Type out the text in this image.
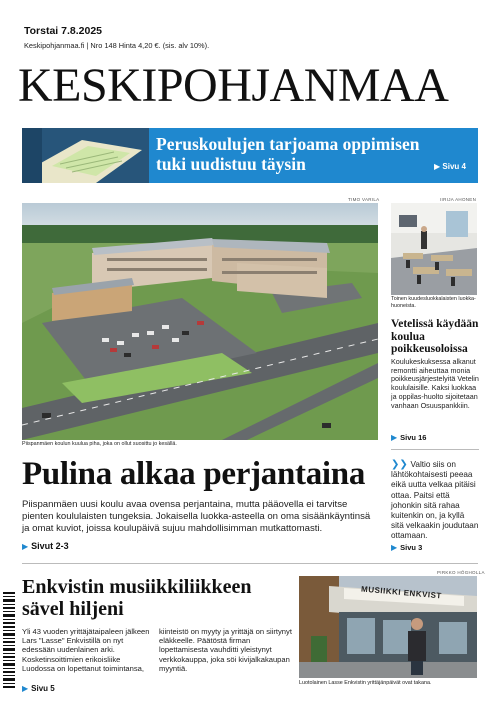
Torstai 7.8.2025
Keskipohjanmaa.fi | Nro 148 Hinta 4,20 €. (sis. alv 10%).
KESKIPOHJANMAA
Peruskoulujen tarjoama oppimisen tuki uudistuu täysin	▶ Sivu 4
TIMO VARILA
Piispanmäen koulun kuulua piha, joka on ollut suosittu jo kesällä.
Pulina alkaa perjantaina
Piispanmäen uusi koulu avaa ovensa perjantaina, mutta pääovella ei tarvitse pienten koululaisten tungeksia. Jokaisella luokka-asteella on oma sisäänkäyntinsä ja omat kuviot, joissa koulupäivä sujuu mahdollisimman mutkattomasti.
▶ Sivut 2-3
IIRIJA AHONEN
Toinen kuudesluokkalaisten luokka-huoneista.
Vetelissä käydään koulua poikkeusoloissa
Koulukeskuksessa alkanut remontti aiheuttaa monia poikkeusjärjestelyitä Vetelin koululaisille. Kaksi luokkaa ja oppilas-huolto sijoitetaan vanhaan Osuuspankkiin.
▶ Sivu 16
❯❯ Valtio siis on lähtökohtaisesti peeaa eikä uutta velkaa pitäisi ottaa. Paitsi että johonkin sitä rahaa kuitenkin on, ja kyllä sitä velkaakin joudutaan ottamaan.
▶ Sivu 3
Enkvistin musiikkiliikkeen sävel hiljeni
Yli 43 vuoden yrittäjätaipaleen jälkeen Lars "Lasse" Enkvistillä on nyt edessään uudenlainen arki. Kosketinsoittimien erikoisliike Luodossa on lopettanut toimintansa,
kiinteistö on myyty ja yrittäjä on siirtynyt eläkkeelle. Päätöstä firman lopettamisesta vauhditti yleistynyt verkkokauppa, joka söi kivijalkakaupan myyntiä.
▶ Sivu 5
PIRKKO HÖGHOLLA
MUSIIKKI ENKVIST
Luotolainen Lasse Enkvistin yrittäjänpäivät ovat takana.
